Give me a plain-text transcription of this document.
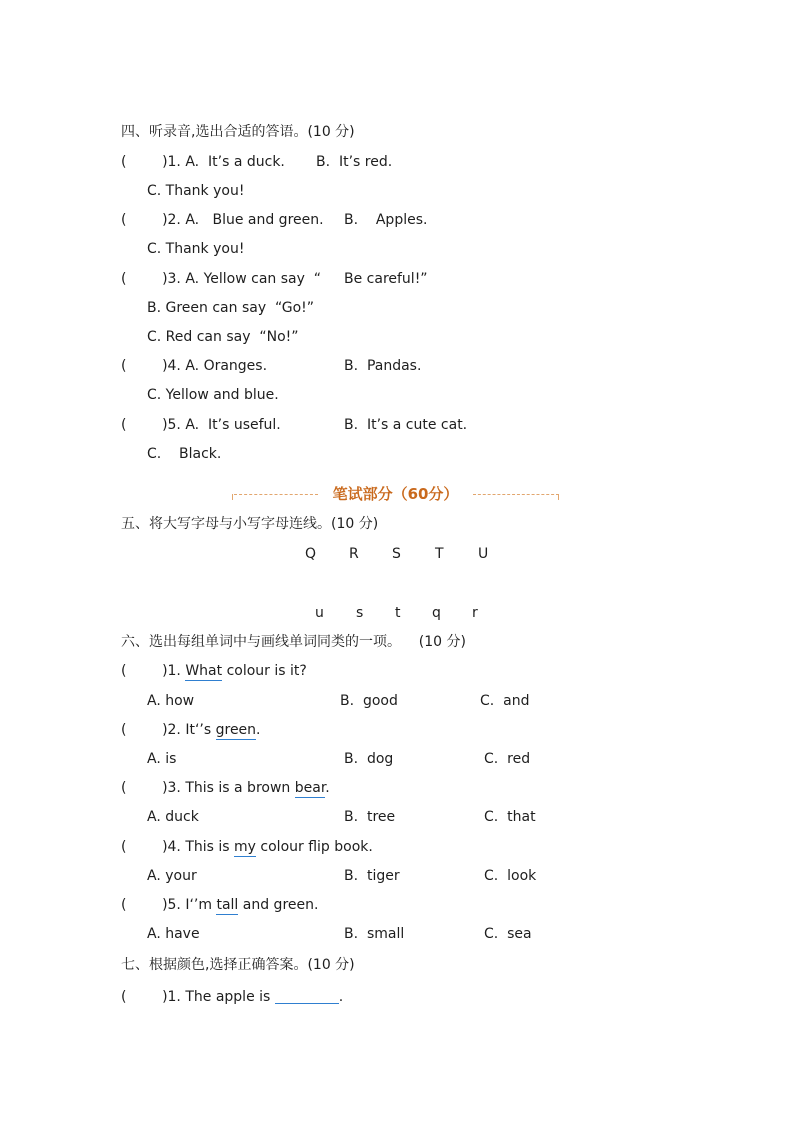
四、听录音,选出合适的答语。(10 分)
(        )1. A.  It’s a duck. B.  It’s red.
C. Thank you!
(        )2. A.   Blue and green. B.    Apples.
C. Thank you!
(        )3. A. Yellow can say  “ Be careful!”
B. Green can say  “Go!”
C. Red can say  “No!”
(        )4. A. Oranges.	B.  Pandas.
C. Yellow and blue.
(        )5. A.  It’s useful.	B.  It’s a cute cat.
C.    Black.
笔试部分（60分）
五、将大写字母与小写字母连线。(10 分)
Q R S T U
u s t q r
六、选出每组单词中与画线单词同类的一项。    (10 分)
(        )1. What colour is it?
A. how	B.  good	C.  and
(        )2. It‘’s green.
A. is	B.  dog	C.  red
(        )3. This is a brown bear.
A. duck	B.  tree	C.  that
(        )4. This is my colour flip book.
A. your	B.  tiger	C.  look
(        )5. I‘’m tall and green.
A. have	B.  small	C.  sea
七、根据颜色,选择正确答案。(10 分)
(        )1. The apple is	.
